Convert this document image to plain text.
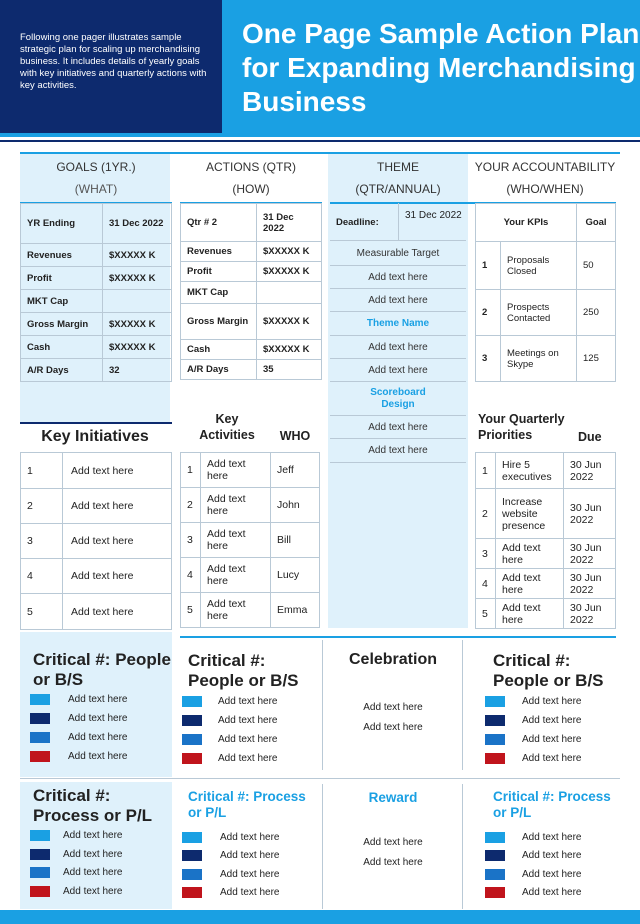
Following one pager illustrates sample strategic plan for scaling up merchandising business. It includes details of yearly goals with key initiatives and quarterly actions with key activities.
One Page Sample Action Plan for Expanding Merchandising Business
GOALS (1YR.)
(WHAT)
ACTIONS (QTR)
(HOW)
THEME
(QTR/ANNUAL)
YOUR ACCOUNTABILITY
(WHO/WHEN)
YR Ending	31 Dec 2022
Revenues	$XXXXX K
Profit	$XXXXX K
MKT Cap	
Gross Margin	$XXXXX K
Cash	$XXXXX K
A/R Days	32
Qtr # 2	31 Dec 2022
Revenues	$XXXXX K
Profit	$XXXXX K
MKT Cap	
Gross Margin	$XXXXX K
Cash	$XXXXX K
A/R Days	35
Deadline:
31 Dec 2022
Measurable Target
Add text here
Add text here
Theme Name
Add text here
Add text here
Scoreboard Design
Add text here
Add text here
Your KPIs		Goal
1	Proposals Closed	50
2	Prospects Contacted	250
3	Meetings on Skype	125
Key Initiatives
1	Add text here
2	Add text here
3	Add text here
4	Add text here
5	Add text here
Key Activities	WHO
1	Add text here	Jeff
2	Add text here	John
3	Add text here	Bill
4	Add text here	Lucy
5	Add text here	Emma
Your Quarterly Priorities	Due
1	Hire 5 executives	30 Jun 2022
2	Increase website presence	30 Jun 2022
3	Add text here	30 Jun 2022
4	Add text here	30 Jun 2022
5	Add text here	30 Jun 2022
Critical #: People or B/S
Add text here
Add text here
Add text here
Add text here
Critical #: People or B/S
Add text here
Add text here
Add text here
Add text here
Celebration
Add text here
Add text here
Critical #: People or B/S
Add text here
Add text here
Add text here
Add text here
Critical #: Process or P/L
Add text here
Add text here
Add text here
Add text here
Critical #: Process or P/L
Add text here
Add text here
Add text here
Add text here
Reward
Add text here
Add text here
Critical #: Process or P/L
Add text here
Add text here
Add text here
Add text here
